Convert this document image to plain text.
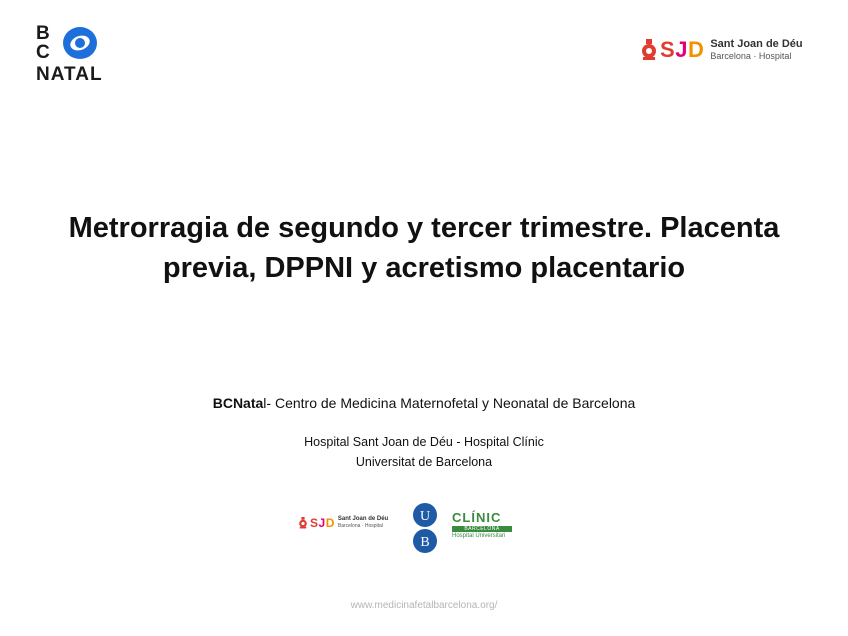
B
C
NATAL
SJD Sant Joan de Déu
Barcelona · Hospital
Metrorragia de segundo y tercer trimestre. Placenta
previa, DPPNI y acretismo placentario
BCNatal- Centro de Medicina Maternofetal y Neonatal de Barcelona
Hospital Sant Joan de Déu - Hospital Clínic
Universitat de Barcelona
SJD Sant Joan de Déu
Barcelona · Hospital
U
B
CLÍNIC
BARCELONA
Hospital Universitari
www.medicinafetalbarcelona.org/
